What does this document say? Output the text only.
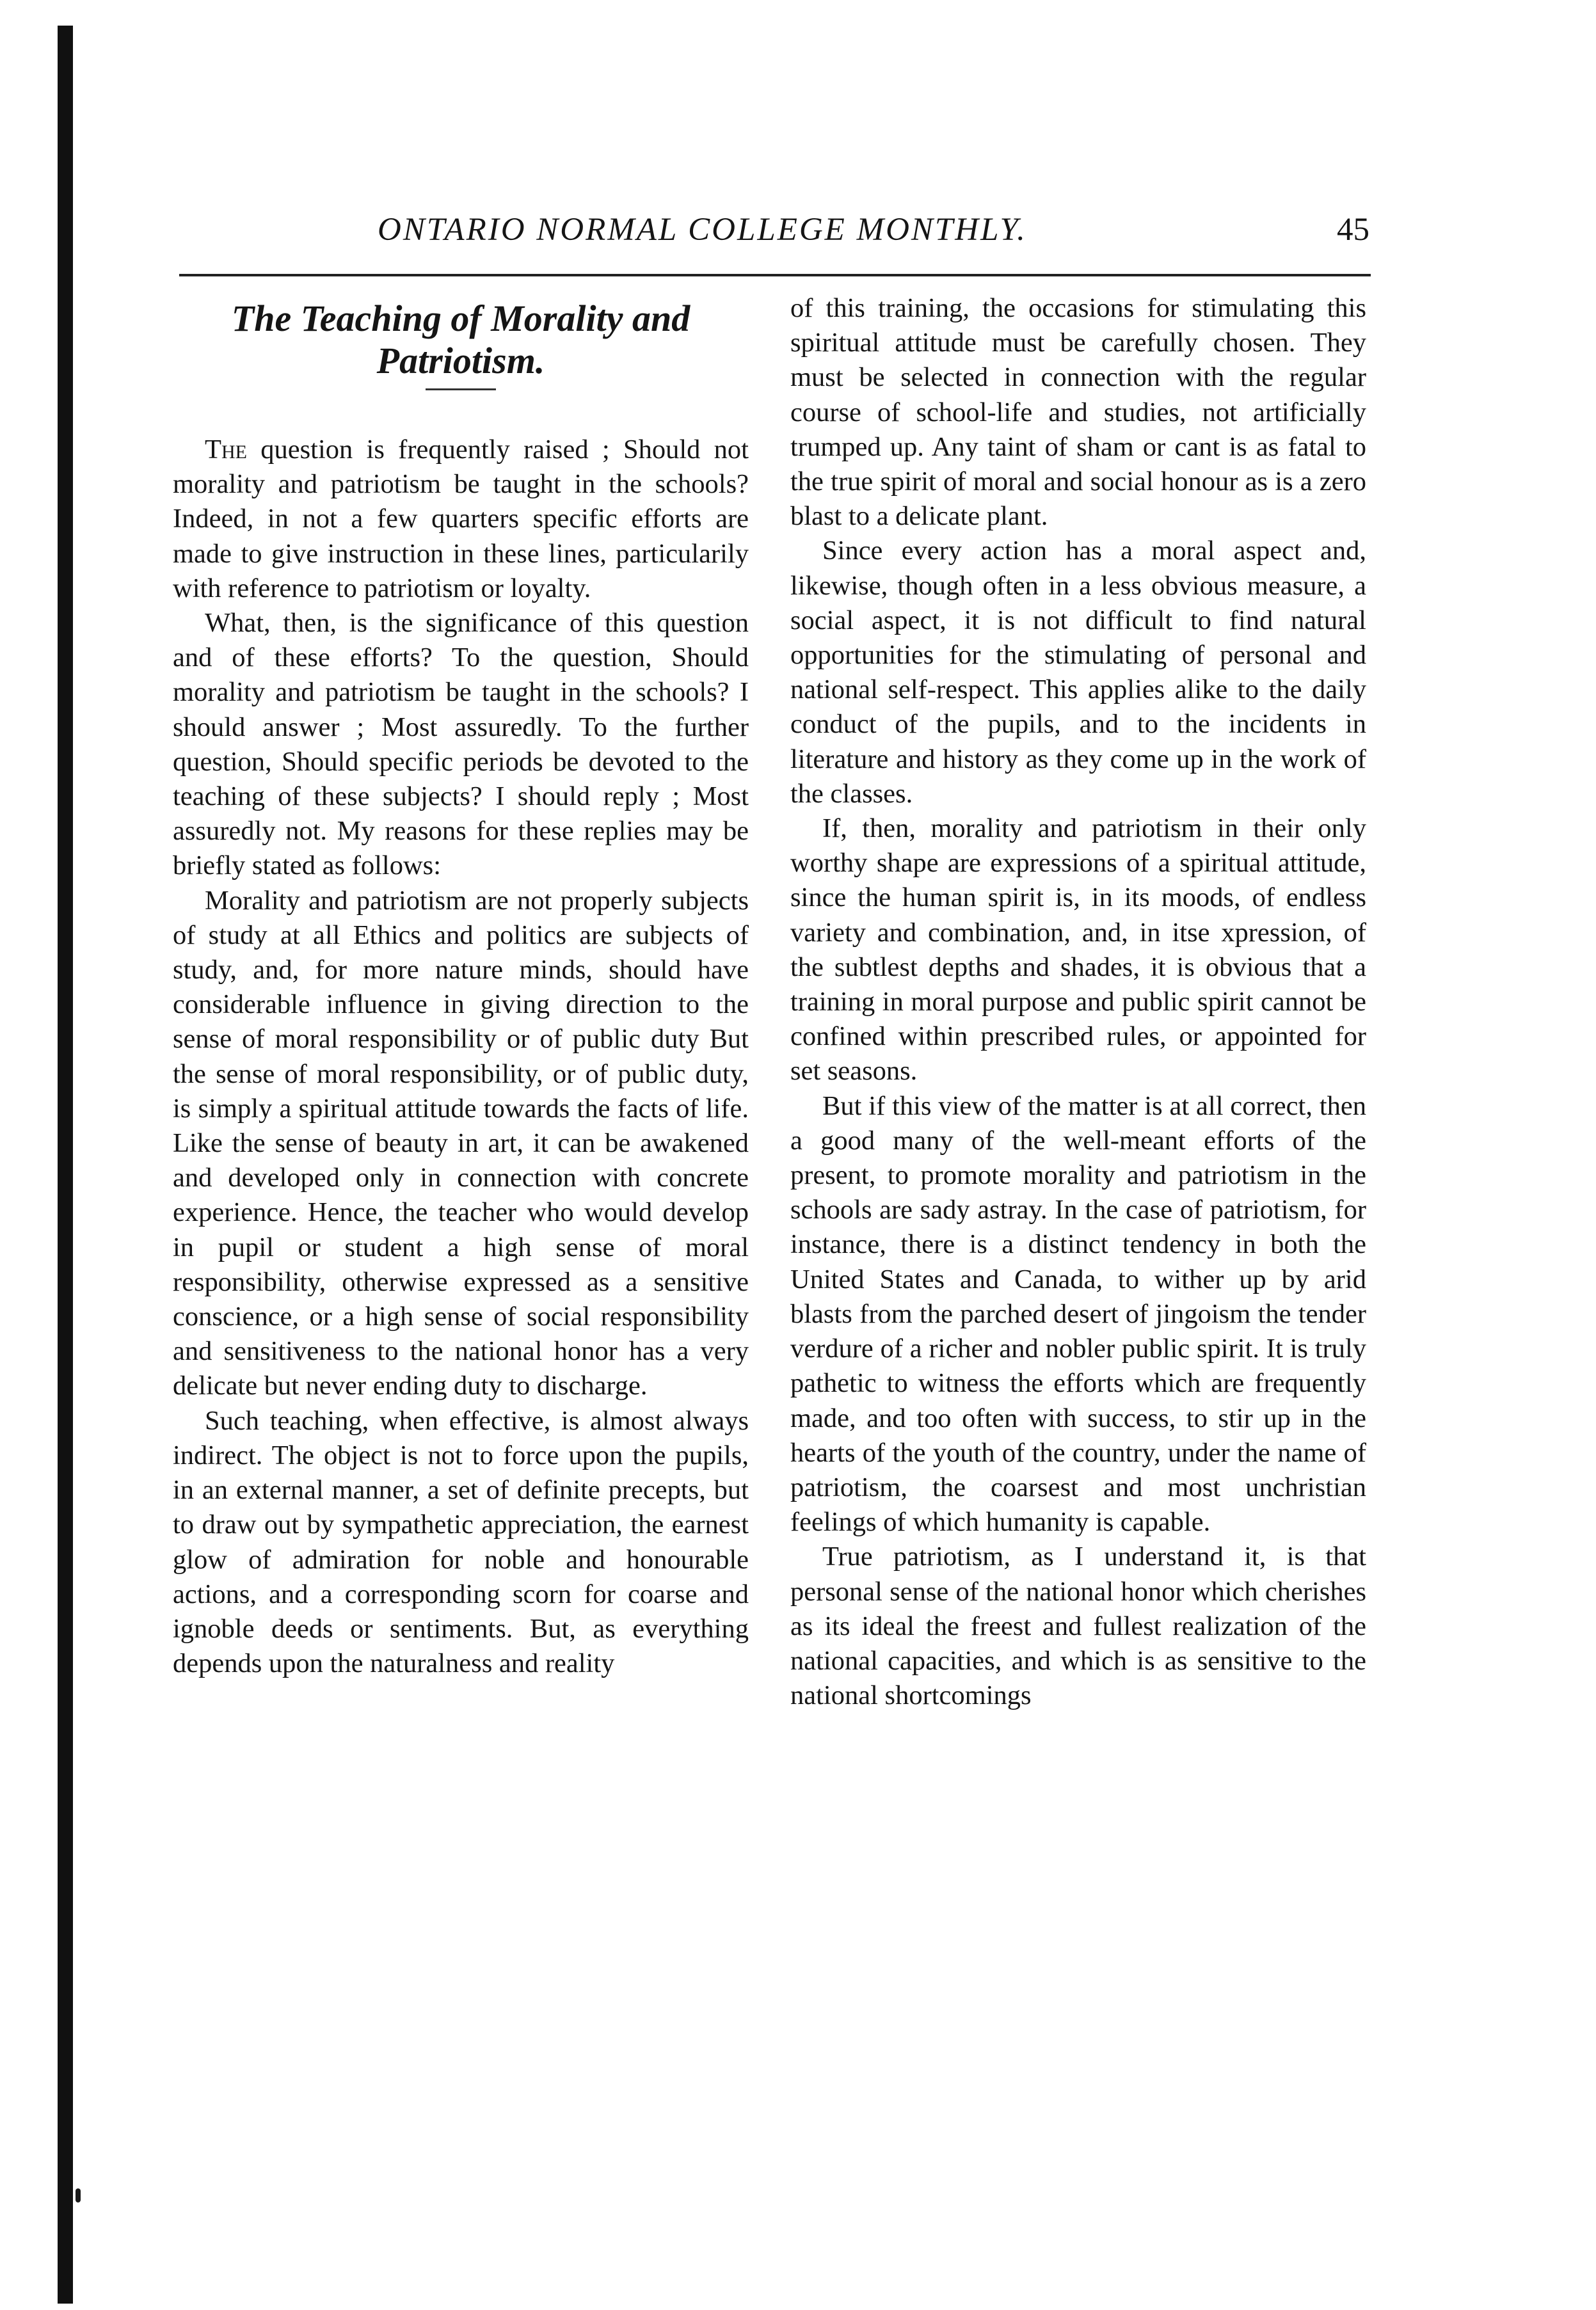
ONTARIO NORMAL COLLEGE MONTHLY.	45
The Teaching of Morality and Patriotism.

The question is frequently raised ; Should not morality and patriotism be taught in the schools? Indeed, in not a few quarters specific efforts are made to give instruction in these lines, particularily with reference to patriotism or loyalty.

What, then, is the significance of this question and of these efforts? To the question, Should morality and patriotism be taught in the schools? I should answer ; Most assuredly. To the further question, Should specific periods be devoted to the teaching of these subjects? I should reply ; Most assuredly not. My reasons for these replies may be briefly stated as follows:

Morality and patriotism are not properly subjects of study at all Ethics and politics are subjects of study, and, for more nature minds, should have considerable influence in giving direction to the sense of moral responsibility or of public duty But the sense of moral responsibility, or of public duty, is simply a spiritual attitude towards the facts of life. Like the sense of beauty in art, it can be awakened and developed only in connection with concrete experience. Hence, the teacher who would develop in pupil or student a high sense of moral responsibility, otherwise expressed as a sensitive conscience, or a high sense of social responsibility and sensitiveness to the national honor has a very delicate but never ending duty to discharge.

Such teaching, when effective, is almost always indirect. The object is not to force upon the pupils, in an external manner, a set of definite precepts, but to draw out by sympathetic appreciation, the earnest glow of admiration for noble and honourable actions, and a corresponding scorn for coarse and ignoble deeds or sentiments. But, as everything depends upon the naturalness and reality

of this training, the occasions for stimulating this spiritual attitude must be carefully chosen. They must be selected in connection with the regular course of school-life and studies, not artificially trumped up. Any taint of sham or cant is as fatal to the true spirit of moral and social honour as is a zero blast to a delicate plant.

Since every action has a moral aspect and, likewise, though often in a less obvious measure, a social aspect, it is not difficult to find natural opportunities for the stimulating of personal and national self-respect. This applies alike to the daily conduct of the pupils, and to the incidents in literature and history as they come up in the work of the classes.

If, then, morality and patriotism in their only worthy shape are expressions of a spiritual attitude, since the human spirit is, in its moods, of endless variety and combination, and, in itse xpression, of the subtlest depths and shades, it is obvious that a training in moral purpose and public spirit cannot be confined within prescribed rules, or appointed for set seasons.

But if this view of the matter is at all correct, then a good many of the well-meant efforts of the present, to promote morality and patriotism in the schools are sady astray. In the case of patriotism, for instance, there is a distinct tendency in both the United States and Canada, to wither up by arid blasts from the parched desert of jingoism the tender verdure of a richer and nobler public spirit. It is truly pathetic to witness the efforts which are frequently made, and too often with success, to stir up in the hearts of the youth of the country, under the name of patriotism, the coarsest and most unchristian feelings of which humanity is capable.

True patriotism, as I understand it, is that personal sense of the national honor which cherishes as its ideal the freest and fullest realization of the national capacities, and which is as sensitive to the national shortcomings
